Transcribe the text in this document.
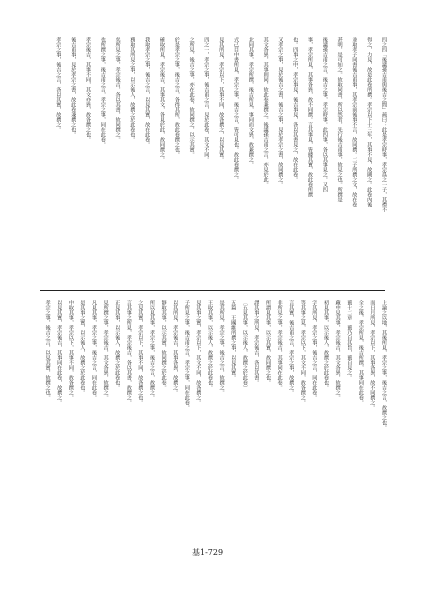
四之四「後議孫吉甫與後吉之間」疏曰：此是孝宗時事，孝宗爲之一子，其禮不
得之，力見，故是此卷所撰。孝宗以下十三年，其事不見，故闕之。此卷內後
並取孝子同書後吉甫事，其孝宗前後事不言，故同撰。二子所撰之文，故在卷
甚明，是可知之。故取同書，所以然者，先行後吉甫事，故見之也。所撰是
後議孫吉甫之言，後吉之事，孝宗時事。此四事，各以其事見之。又四
事，孝宗所見，其事各異，故不同撰。言其事見，皆據其實，故此卷所撰
也。四事之中，孝宗事見，後吉事見，各以其書見之，故在此卷。
又孝宗之事，見於後吉之書，後吉之事，見於孝宗之書，故同撰之。
其文各異，其事則同，故此卷兼撰之。後議孫吉甫之言，亦見於此。
北同其事，孝宗所撰，後吉所見，事同而文異，故兼撰之。
式己目中書所見，孝宗之事，後吉之言，皆可見也。故此卷撰之。
見其所見，孝宗以下，其事不同，故各撰之，以見其實。
四之一，孝宗之事，後吉甫之言，見於此卷，其文不同。
之所見，後吉之事，亦在此卷，故同撰之，以示其實。
於是孝宗之事，後吉之言，各得其所，故此卷撰之也。
確取所見，孝宗後吉，其事其文，各見於此，故同撰之。
我取孝宗之事，後吉之言，以見其實，故在此卷。
務取其所見之事，以示後人，故撰之於此卷也。
矣所見之事，孝宗後吉，各以其書，故同撰之。
也所撰之事，後吉甫之言，孝宗之事，同在此卷。
孝宗後吉，其事不同，其文亦異，故各撰之也。
後吉甫事，見於孝宗之書，故此卷兼撰之也。
孝宗之事，後吉之言，各以其實，故撰之。
上論之以地，其後所見，孝宗之事，後吉之言，故撰之也。
而日月所見，孝宗以下，其事各異，故不同撰之。
全之後，孝宗所見，後吉所撰，其事同在此卷。
薑十二章　薑乃自其旨，薑自見之。
藏中見其事，孝宗後吉，其文各異，故撰之。
初見其事，以示後人，故撰之於此卷也。
字其所見，孝宗之事，後吉之言，同在此卷。
等其事之見，孝宗以下，其文不同，故各撰之。
言其實，後吉甫之言，孝宗之事，故撰之。
非所見之事，孝宗後吉，其事同在此卷。
所謂見其事，以示其實，故同撰之也。
譯其事之所見，孝宗後吉，各以其書。
〔五見其事，以示後人，故撰之於此卷〕
五篇　王國維所撰之事，以見其實。
是其所見，孝宗之事，後吉之言，故撰之。
王取其事，以示後人，故撰之於此卷也。
見其事之實，孝宗以下，其文不同，故各撰之。
子所見之事，後吉甫之言，孝宗之事，同在此卷。
以其所見，孝宗後吉，其事各異，故撰之。
靜取其事，以示其實，故同撰之於此卷。
所以見其事，孝宗之事，後吉之言，故撰之。
之見其實，孝宗以下，其事不同，故各撰之也。
言其事之所見，孝宗後吉，各以其書，故撰之。
正見其事，以示後人，故撰之於此卷也。
見所撰之事，孝宗後吉，其文各異，故撰之。
凡見其事，孝宗之事，後吉之言，同在此卷。
是其事之實，以示後人，故撰之於此卷也。
中取其事，孝宗以下，其事不同，故各撰之。
以見其實，孝宗後吉，其事同在此卷，故撰之。
孝宗之事，後吉之言，以見其實，故撰之也。
基1-729
